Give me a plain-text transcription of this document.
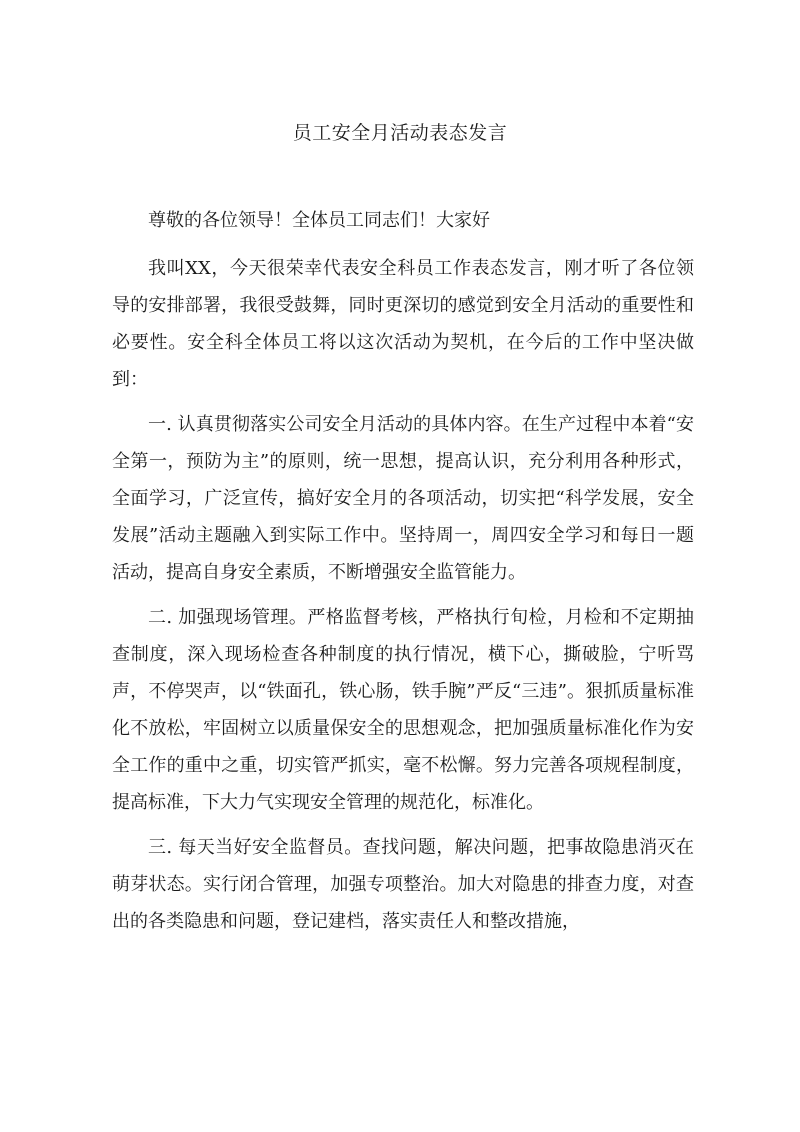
员工安全月活动表态发言

尊敬的各位领导！全体员工同志们！大家好

我叫XX，今天很荣幸代表安全科员工作表态发言，刚才听了各位领导的安排部署，我很受鼓舞，同时更深切的感觉到安全月活动的重要性和必要性。安全科全体员工将以这次活动为契机，在今后的工作中坚决做到：

一. 认真贯彻落实公司安全月活动的具体内容。在生产过程中本着“安全第一，预防为主”的原则，统一思想，提高认识，充分利用各种形式，全面学习，广泛宣传，搞好安全月的各项活动，切实把“科学发展，安全发展”活动主题融入到实际工作中。坚持周一，周四安全学习和每日一题活动，提高自身安全素质，不断增强安全监管能力。

二. 加强现场管理。严格监督考核，严格执行旬检，月检和不定期抽查制度，深入现场检查各种制度的执行情况，横下心，撕破脸，宁听骂声，不停哭声，以“铁面孔，铁心肠，铁手腕”严反“三违”。狠抓质量标准化不放松，牢固树立以质量保安全的思想观念，把加强质量标准化作为安全工作的重中之重，切实管严抓实，毫不松懈。努力完善各项规程制度，提高标准，下大力气实现安全管理的规范化，标准化。

三. 每天当好安全监督员。查找问题，解决问题，把事故隐患消灭在萌芽状态。实行闭合管理，加强专项整治。加大对隐患的排查力度，对查出的各类隐患和问题，登记建档，落实责任人和整改措施，
